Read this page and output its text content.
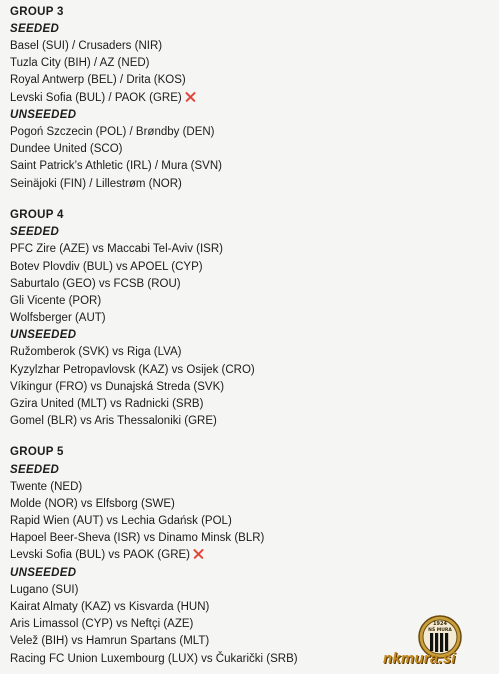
GROUP 3
SEEDED
Basel (SUI) / Crusaders (NIR)
Tuzla City (BIH) / AZ (NED)
Royal Antwerp (BEL) / Drita (KOS)
Levski Sofia (BUL) / PAOK (GRE)
UNSEEDED
Pogoń Szczecin (POL) / Brøndby (DEN)
Dundee United (SCO)
Saint Patrick’s Athletic (IRL) / Mura (SVN)
Seinäjoki (FIN) / Lillestrøm (NOR)
GROUP 4
SEEDED
PFC Zire (AZE) vs Maccabi Tel-Aviv (ISR)
Botev Plovdiv (BUL) vs APOEL (CYP)
Saburtalo (GEO) vs FCSB (ROU)
Gli Vicente (POR)
Wolfsberger (AUT)
UNSEEDED
Ružomberok (SVK) vs Riga (LVA)
Kyzylzhar Petropavlovsk (KAZ) vs Osijek (CRO)
Víkingur (FRO) vs Dunajská Streda (SVK)
Gzira United (MLT) vs Radnicki (SRB)
Gomel (BLR) vs Aris Thessaloniki (GRE)
GROUP 5
SEEDED
Twente (NED)
Molde (NOR) vs Elfsborg (SWE)
Rapid Wien (AUT) vs Lechia Gdańsk (POL)
Hapoel Beer-Sheva (ISR) vs Dinamo Minsk (BLR)
Levski Sofia (BUL) vs PAOK (GRE)
UNSEEDED
Lugano (SUI)
Kairat Almaty (KAZ) vs Kisvarda (HUN)
Aris Limassol (CYP) vs Neftçi (AZE)
Velež (BIH) vs Hamrun Spartans (MLT)
Racing FC Union Luxembourg (LUX) vs Čukarički (SRB)
1924
NŠ MURA
nkmura.si
